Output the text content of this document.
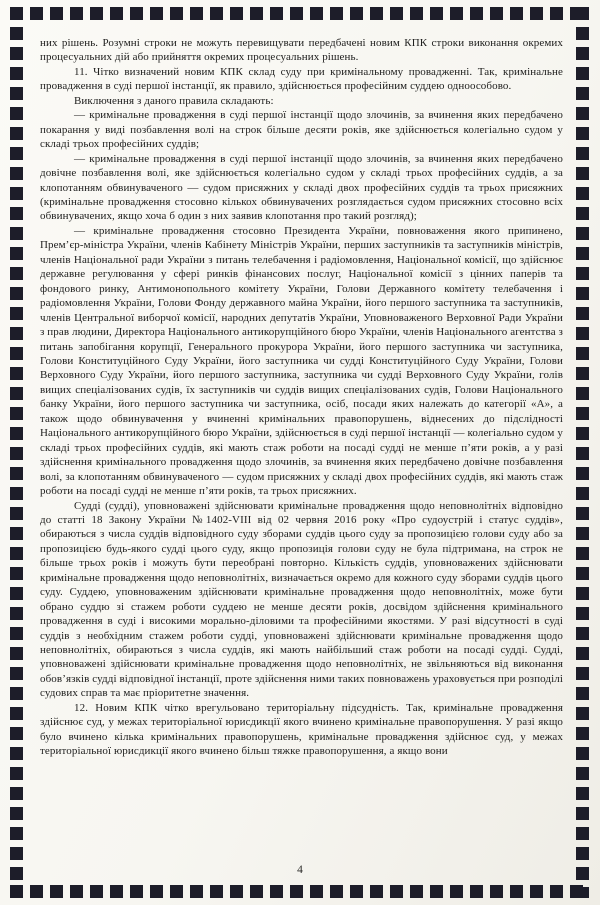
них рішень. Розумні строки не можуть перевищувати передбачені новим КПК строки виконання окремих процесуальних дій або прийняття окремих процесуальних рішень.

11. Чітко визначений новим КПК склад суду при кримінальному провадженні. Так, кримінальне провадження в суді першої інстанції, як правило, здійснюється професійним суддею одноособово.

Виключення з даного правила складають:

— кримінальне провадження в суді першої інстанції щодо злочинів, за вчинення яких передбачено покарання у виді позбавлення волі на строк більше десяти років, яке здійснюється колегіально судом у складі трьох професійних суддів;

— кримінальне провадження в суді першої інстанції щодо злочинів, за вчинення яких передбачено довічне позбавлення волі, яке здійснюється колегіально судом у складі трьох професійних суддів, а за клопотанням обвинуваченого — судом присяжних у складі двох професійних суддів та трьох присяжних (кримінальне провадження стосовно кількох обвинувачених розглядається судом присяжних стосовно всіх обвинувачених, якщо хоча б один з них заявив клопотання про такий розгляд);

— кримінальне провадження стосовно Президента України, повноваження якого припинено, Прем’єр-міністра України, членів Кабінету Міністрів України, перших заступників та заступників міністрів, членів Національної ради України з питань телебачення і радіомовлення, Національної комісії, що здійснює державне регулювання у сфері ринків фінансових послуг, Національної комісії з цінних паперів та фондового ринку, Антимонопольного комітету України, Голови Державного комітету телебачення і радіомовлення України, Голови Фонду державного майна України, його першого заступника та заступників, членів Центральної виборчої комісії, народних депутатів України, Уповноваженого Верховної Ради України з прав людини, Директора Національного антикорупційного бюро України, членів Національного агентства з питань запобігання корупції, Генерального прокурора України, його першого заступника чи заступника, Голови Конституційного Суду України, його заступника чи судді Конституційного Суду України, Голови Верховного Суду України, його першого заступника, заступника чи судді Верховного Суду України, голів вищих спеціалізованих судів, їх заступників чи суддів вищих спеціалізованих судів, Голови Національного банку України, його першого заступника чи заступника, осіб, посади яких належать до категорії «А», а також щодо обвинувачення у вчиненні кримінальних правопорушень, віднесених до підслідності Національного антикорупційного бюро України, здійснюється в суді першої інстанції — колегіально судом у складі трьох професійних суддів, які мають стаж роботи на посаді судді не менше п’яти років, а у разі здійснення кримінального провадження щодо злочинів, за вчинення яких передбачено довічне позбавлення волі, за клопотанням обвинуваченого — судом присяжних у складі двох професійних суддів, які мають стаж роботи на посаді судді не менше п’яти років, та трьох присяжних.

Судді (судді), уповноважені здійснювати кримінальне провадження щодо неповнолітніх відповідно до статті 18 Закону України №1402-VIII від 02 червня 2016 року «Про судоустрій і статус суддів», обираються з числа суддів відповідного суду зборами суддів цього суду за пропозицією голови суду або за пропозицією будь-якого судді цього суду, якщо пропозиція голови суду не була підтримана, на строк не більше трьох років і можуть бути переобрані повторно. Кількість суддів, уповноважених здійснювати кримінальне провадження щодо неповнолітніх, визначається окремо для кожного суду зборами суддів цього суду. Суддею, уповноваженим здійснювати кримінальне провадження щодо неповнолітніх, може бути обрано суддю зі стажем роботи суддею не менше десяти років, досвідом здійснення кримінального провадження в суді і високими морально-діловими та професійними якостями. У разі відсутності в суді суддів з необхідним стажем роботи судді, уповноважені здійснювати кримінальне провадження щодо неповнолітніх, обираються з числа суддів, які мають найбільший стаж роботи на посаді судді. Судді, уповноважені здійснювати кримінальне провадження щодо неповнолітніх, не звільняються від виконання обов’язків судді відповідної інстанції, проте здійснення ними таких повноважень ураховується при розподілі судових справ та має пріоритетне значення.

12. Новим КПК чітко врегульовано територіальну підсудність. Так, кримінальне провадження здійснює суд, у межах територіальної юрисдикції якого вчинено кримінальне правопорушення. У разі якщо було вчинено кілька кримінальних правопорушень, кримінальне провадження здійснює суд, у межах територіальної юрисдикції якого вчинено більш тяжке правопорушення, а якщо вони

4
